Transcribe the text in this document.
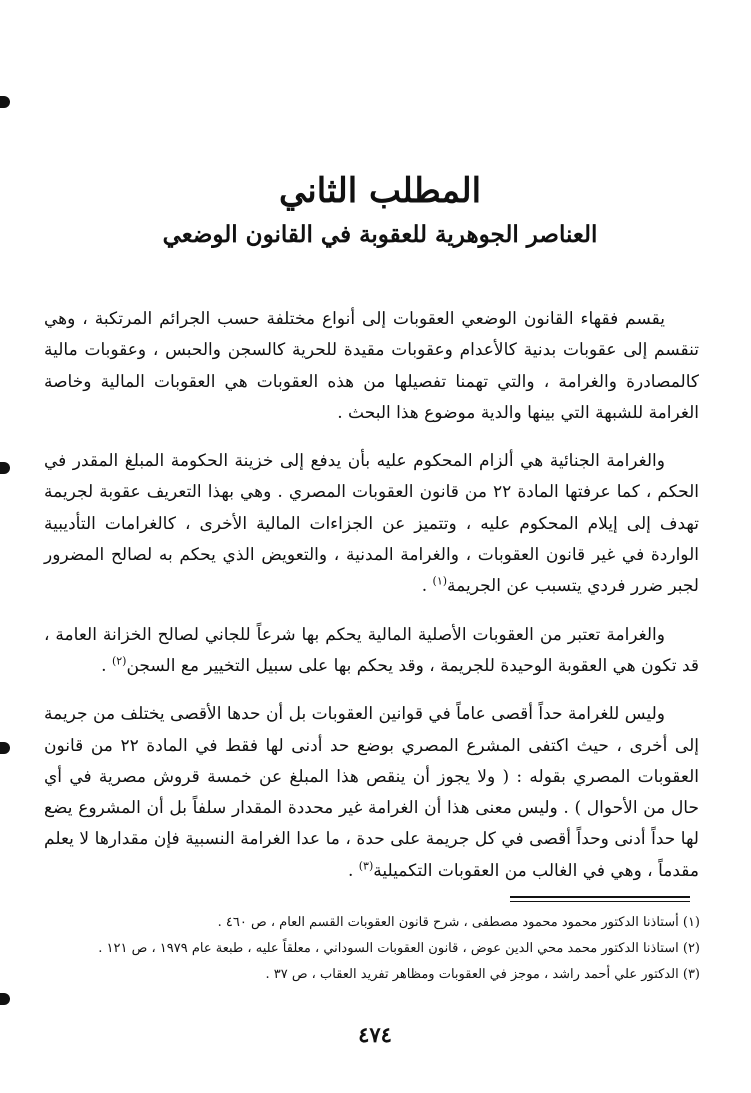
المطلب الثاني
العناصر الجوهرية للعقوبة في القانون الوضعي

يقسم فقهاء القانون الوضعي العقوبات إلى أنواع مختلفة حسب الجرائم المرتكبة ، وهي تنقسم إلى عقوبات بدنية كالأعدام وعقوبات مقيدة للحرية كالسجن والحبس ، وعقوبات مالية كالمصادرة والغرامة ، والتي تهمنا تفصيلها من هذه العقوبات هي العقوبات المالية وخاصة الغرامة للشبهة التي بينها والدية موضوع هذا البحث .

والغرامة الجنائية هي ألزام المحكوم عليه بأن يدفع إلى خزينة الحكومة المبلغ المقدر في الحكم ، كما عرفتها المادة ٢٢ من قانون العقوبات المصري . وهي بهذا التعريف عقوبة لجريمة تهدف إلى إيلام المحكوم عليه ، وتتميز عن الجزاءات المالية الأخرى ، كالغرامات التأديبية الواردة في غير قانون العقوبات ، والغرامة المدنية ، والتعويض الذي يحكم به لصالح المضرور لجبر ضرر فردي يتسبب عن الجريمة$^{(١)}$ .

والغرامة تعتبر من العقوبات الأصلية المالية يحكم بها شرعاً للجاني لصالح الخزانة العامة ، قد تكون هي العقوبة الوحيدة للجريمة ، وقد يحكم بها على سبيل التخيير مع السجن$^{(٢)}$ .

وليس للغرامة حداً أقصى عاماً في قوانين العقوبات بل أن حدها الأقصى يختلف من جريمة إلى أخرى ، حيث اكتفى المشرع المصري بوضع حد أدنى لها فقط في المادة ٢٢ من قانون العقوبات المصري بقوله : ( ولا يجوز أن ينقص هذا المبلغ عن خمسة قروش مصرية في أي حال من الأحوال ) . وليس معنى هذا أن الغرامة غير محددة المقدار سلفاً بل أن المشروع يضع لها حداً أدنى وحداً أقصى في كل جريمة على حدة ، ما عدا الغرامة النسبية فإن مقدارها لا يعلم مقدماً ، وهي في الغالب من العقوبات التكميلية$^{(٣)}$ .

(١) أستاذنا الدكتور محمود محمود مصطفى ، شرح قانون العقوبات القسم العام ، ص ٤٦٠ .
(٢) استاذنا الدكتور محمد محي الدين عوض ، قانون العقوبات السوداني ، معلقاً عليه ، طبعة عام ١٩٧٩ ، ص ١٢١ .
(٣) الدكتور علي أحمد راشد ، موجز في العقوبات ومظاهر تفريد العقاب ، ص ٣٧ .
٤٧٤
